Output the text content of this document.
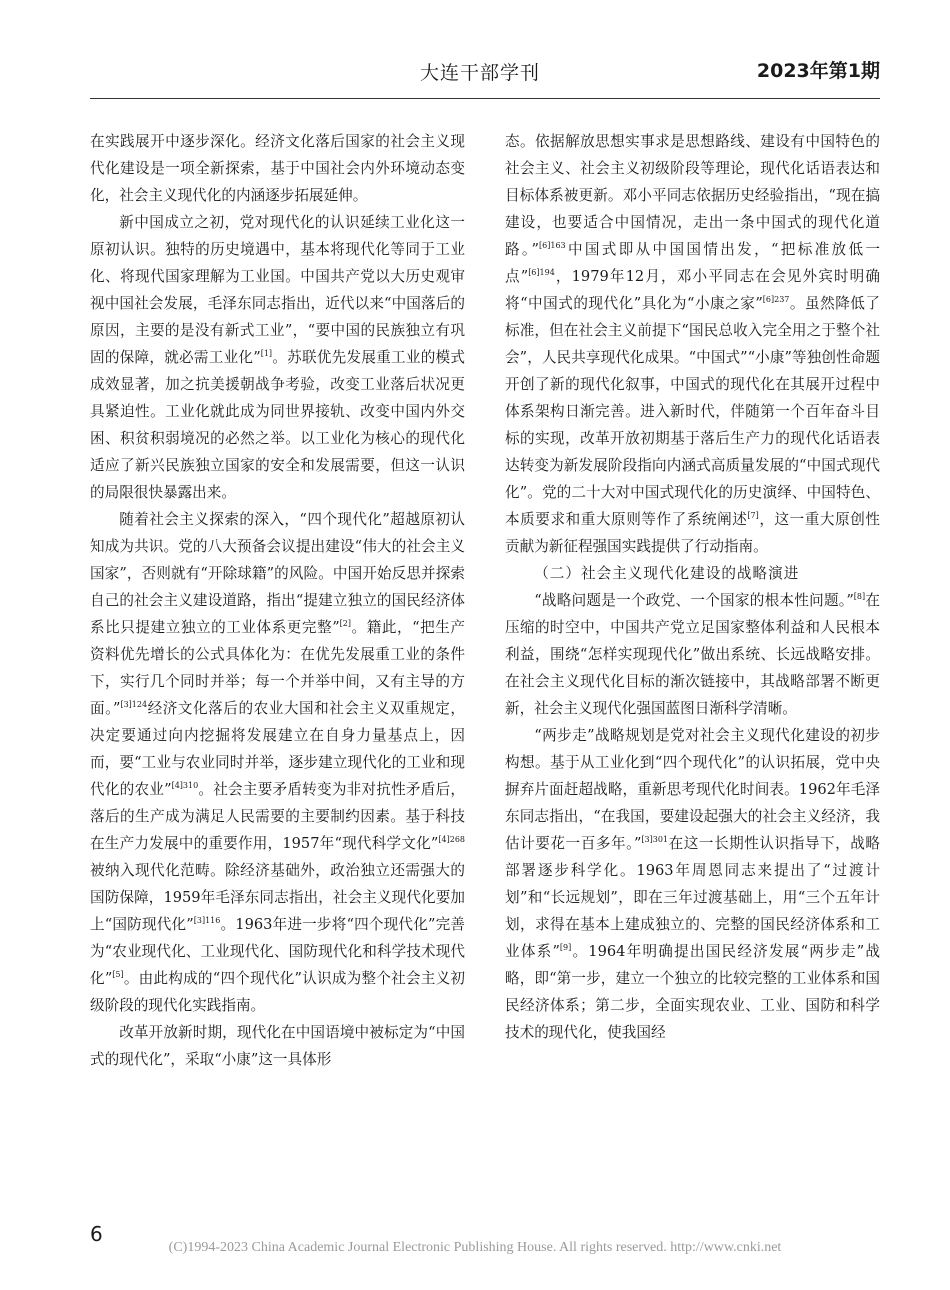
大连干部学刊	2023年第1期

在实践展开中逐步深化。经济文化落后国家的社会主义现代化建设是一项全新探索，基于中国社会内外环境动态变化，社会主义现代化的内涵逐步拓展延伸。

新中国成立之初，党对现代化的认识延续工业化这一原初认识。独特的历史境遇中，基本将现代化等同于工业化、将现代国家理解为工业国。中国共产党以大历史观审视中国社会发展，毛泽东同志指出，近代以来“中国落后的原因，主要的是没有新式工业”，“要中国的民族独立有巩固的保障，就必需工业化”[1]。苏联优先发展重工业的模式成效显著，加之抗美援朝战争考验，改变工业落后状况更具紧迫性。工业化就此成为同世界接轨、改变中国内外交困、积贫积弱境况的必然之举。以工业化为核心的现代化适应了新兴民族独立国家的安全和发展需要，但这一认识的局限很快暴露出来。

随着社会主义探索的深入，“四个现代化”超越原初认知成为共识。党的八大预备会议提出建设“伟大的社会主义国家”，否则就有“开除球籍”的风险。中国开始反思并探索自己的社会主义建设道路，指出“提建立独立的国民经济体系比只提建立独立的工业体系更完整”[2]。籍此，“把生产资料优先增长的公式具体化为：在优先发展重工业的条件下，实行几个同时并举；每一个并举中间，又有主导的方面。”$^{[3]124}$经济文化落后的农业大国和社会主义双重规定，决定要通过向内挖掘将发展建立在自身力量基点上，因而，要“工业与农业同时并举，逐步建立现代化的工业和现代化的农业”$^{[4]310}$。社会主要矛盾转变为非对抗性矛盾后，落后的生产成为满足人民需要的主要制约因素。基于科技在生产力发展中的重要作用，1957年“现代科学文化”$^{[4]268}$被纳入现代化范畴。除经济基础外，政治独立还需强大的国防保障，1959年毛泽东同志指出，社会主义现代化要加上“国防现代化”$^{[3]116}$。1963年进一步将“四个现代化”完善为“农业现代化、工业现代化、国防现代化和科学技术现代化”[5]。由此构成的“四个现代化”认识成为整个社会主义初级阶段的现代化实践指南。

改革开放新时期，现代化在中国语境中被标定为“中国式的现代化”，采取“小康”这一具体形

态。依据解放思想实事求是思想路线、建设有中国特色的社会主义、社会主义初级阶段等理论，现代化话语表达和目标体系被更新。邓小平同志依据历史经验指出，“现在搞建设，也要适合中国情况，走出一条中国式的现代化道路。”$^{[6]163}$中国式即从中国国情出发，“把标准放低一点”$^{[6]194}$，1979年12月，邓小平同志在会见外宾时明确将“中国式的现代化”具化为“小康之家”$^{[6]237}$。虽然降低了标准，但在社会主义前提下“国民总收入完全用之于整个社会”，人民共享现代化成果。“中国式”“小康”等独创性命题开创了新的现代化叙事，中国式的现代化在其展开过程中体系架构日渐完善。进入新时代，伴随第一个百年奋斗目标的实现，改革开放初期基于落后生产力的现代化话语表达转变为新发展阶段指向内涵式高质量发展的“中国式现代化”。党的二十大对中国式现代化的历史演绎、中国特色、本质要求和重大原则等作了系统阐述[7]，这一重大原创性贡献为新征程强国实践提供了行动指南。

（二）社会主义现代化建设的战略演进

“战略问题是一个政党、一个国家的根本性问题。”[8]在压缩的时空中，中国共产党立足国家整体利益和人民根本利益，围绕“怎样实现现代化”做出系统、长远战略安排。在社会主义现代化目标的渐次链接中，其战略部署不断更新，社会主义现代化强国蓝图日渐科学清晰。

“两步走”战略规划是党对社会主义现代化建设的初步构想。基于从工业化到“四个现代化”的认识拓展，党中央摒弃片面赶超战略，重新思考现代化时间表。1962年毛泽东同志指出，“在我国，要建设起强大的社会主义经济，我估计要花一百多年。”$^{[3]301}$在这一长期性认识指导下，战略部署逐步科学化。1963年周恩同志来提出了“过渡计划”和“长远规划”，即在三年过渡基础上，用“三个五年计划，求得在基本上建成独立的、完整的国民经济体系和工业体系”[9]。1964年明确提出国民经济发展“两步走”战略，即“第一步，建立一个独立的比较完整的工业体系和国民经济体系；第二步，全面实现农业、工业、国防和科学技术的现代化，使我国经

6
(C)1994-2023 China Academic Journal Electronic Publishing House. All rights reserved. http://www.cnki.net
